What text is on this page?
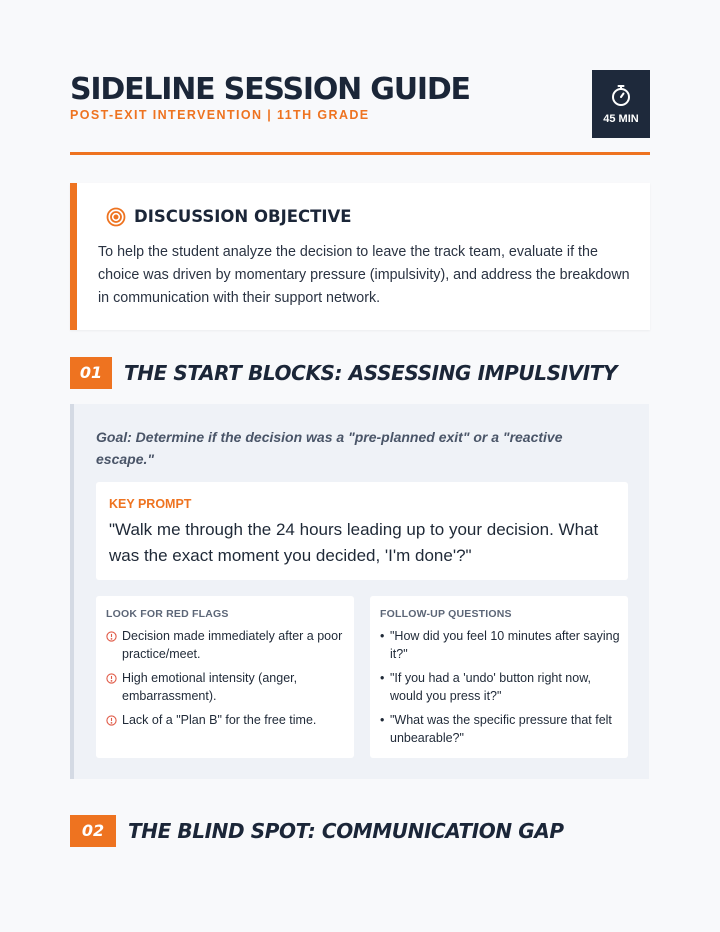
SIDELINE SESSION GUIDE
POST-EXIT INTERVENTION | 11TH GRADE	45 MIN
DISCUSSION OBJECTIVE
To help the student analyze the decision to leave the track team, evaluate if the choice was driven by momentary pressure (impulsivity), and address the breakdown in communication with their support network.
01	THE START BLOCKS: ASSESSING IMPULSIVITY
Goal: Determine if the decision was a "pre-planned exit" or a "reactive escape."
KEY PROMPT
"Walk me through the 24 hours leading up to your decision. What was the exact moment you decided, 'I'm done'?"
LOOK FOR RED FLAGS
Decision made immediately after a poor practice/meet.
High emotional intensity (anger, embarrassment).
Lack of a "Plan B" for the free time.
FOLLOW-UP QUESTIONS
• "How did you feel 10 minutes after saying it?"
• "If you had a 'undo' button right now, would you press it?"
• "What was the specific pressure that felt unbearable?"
02	THE BLIND SPOT: COMMUNICATION GAP
